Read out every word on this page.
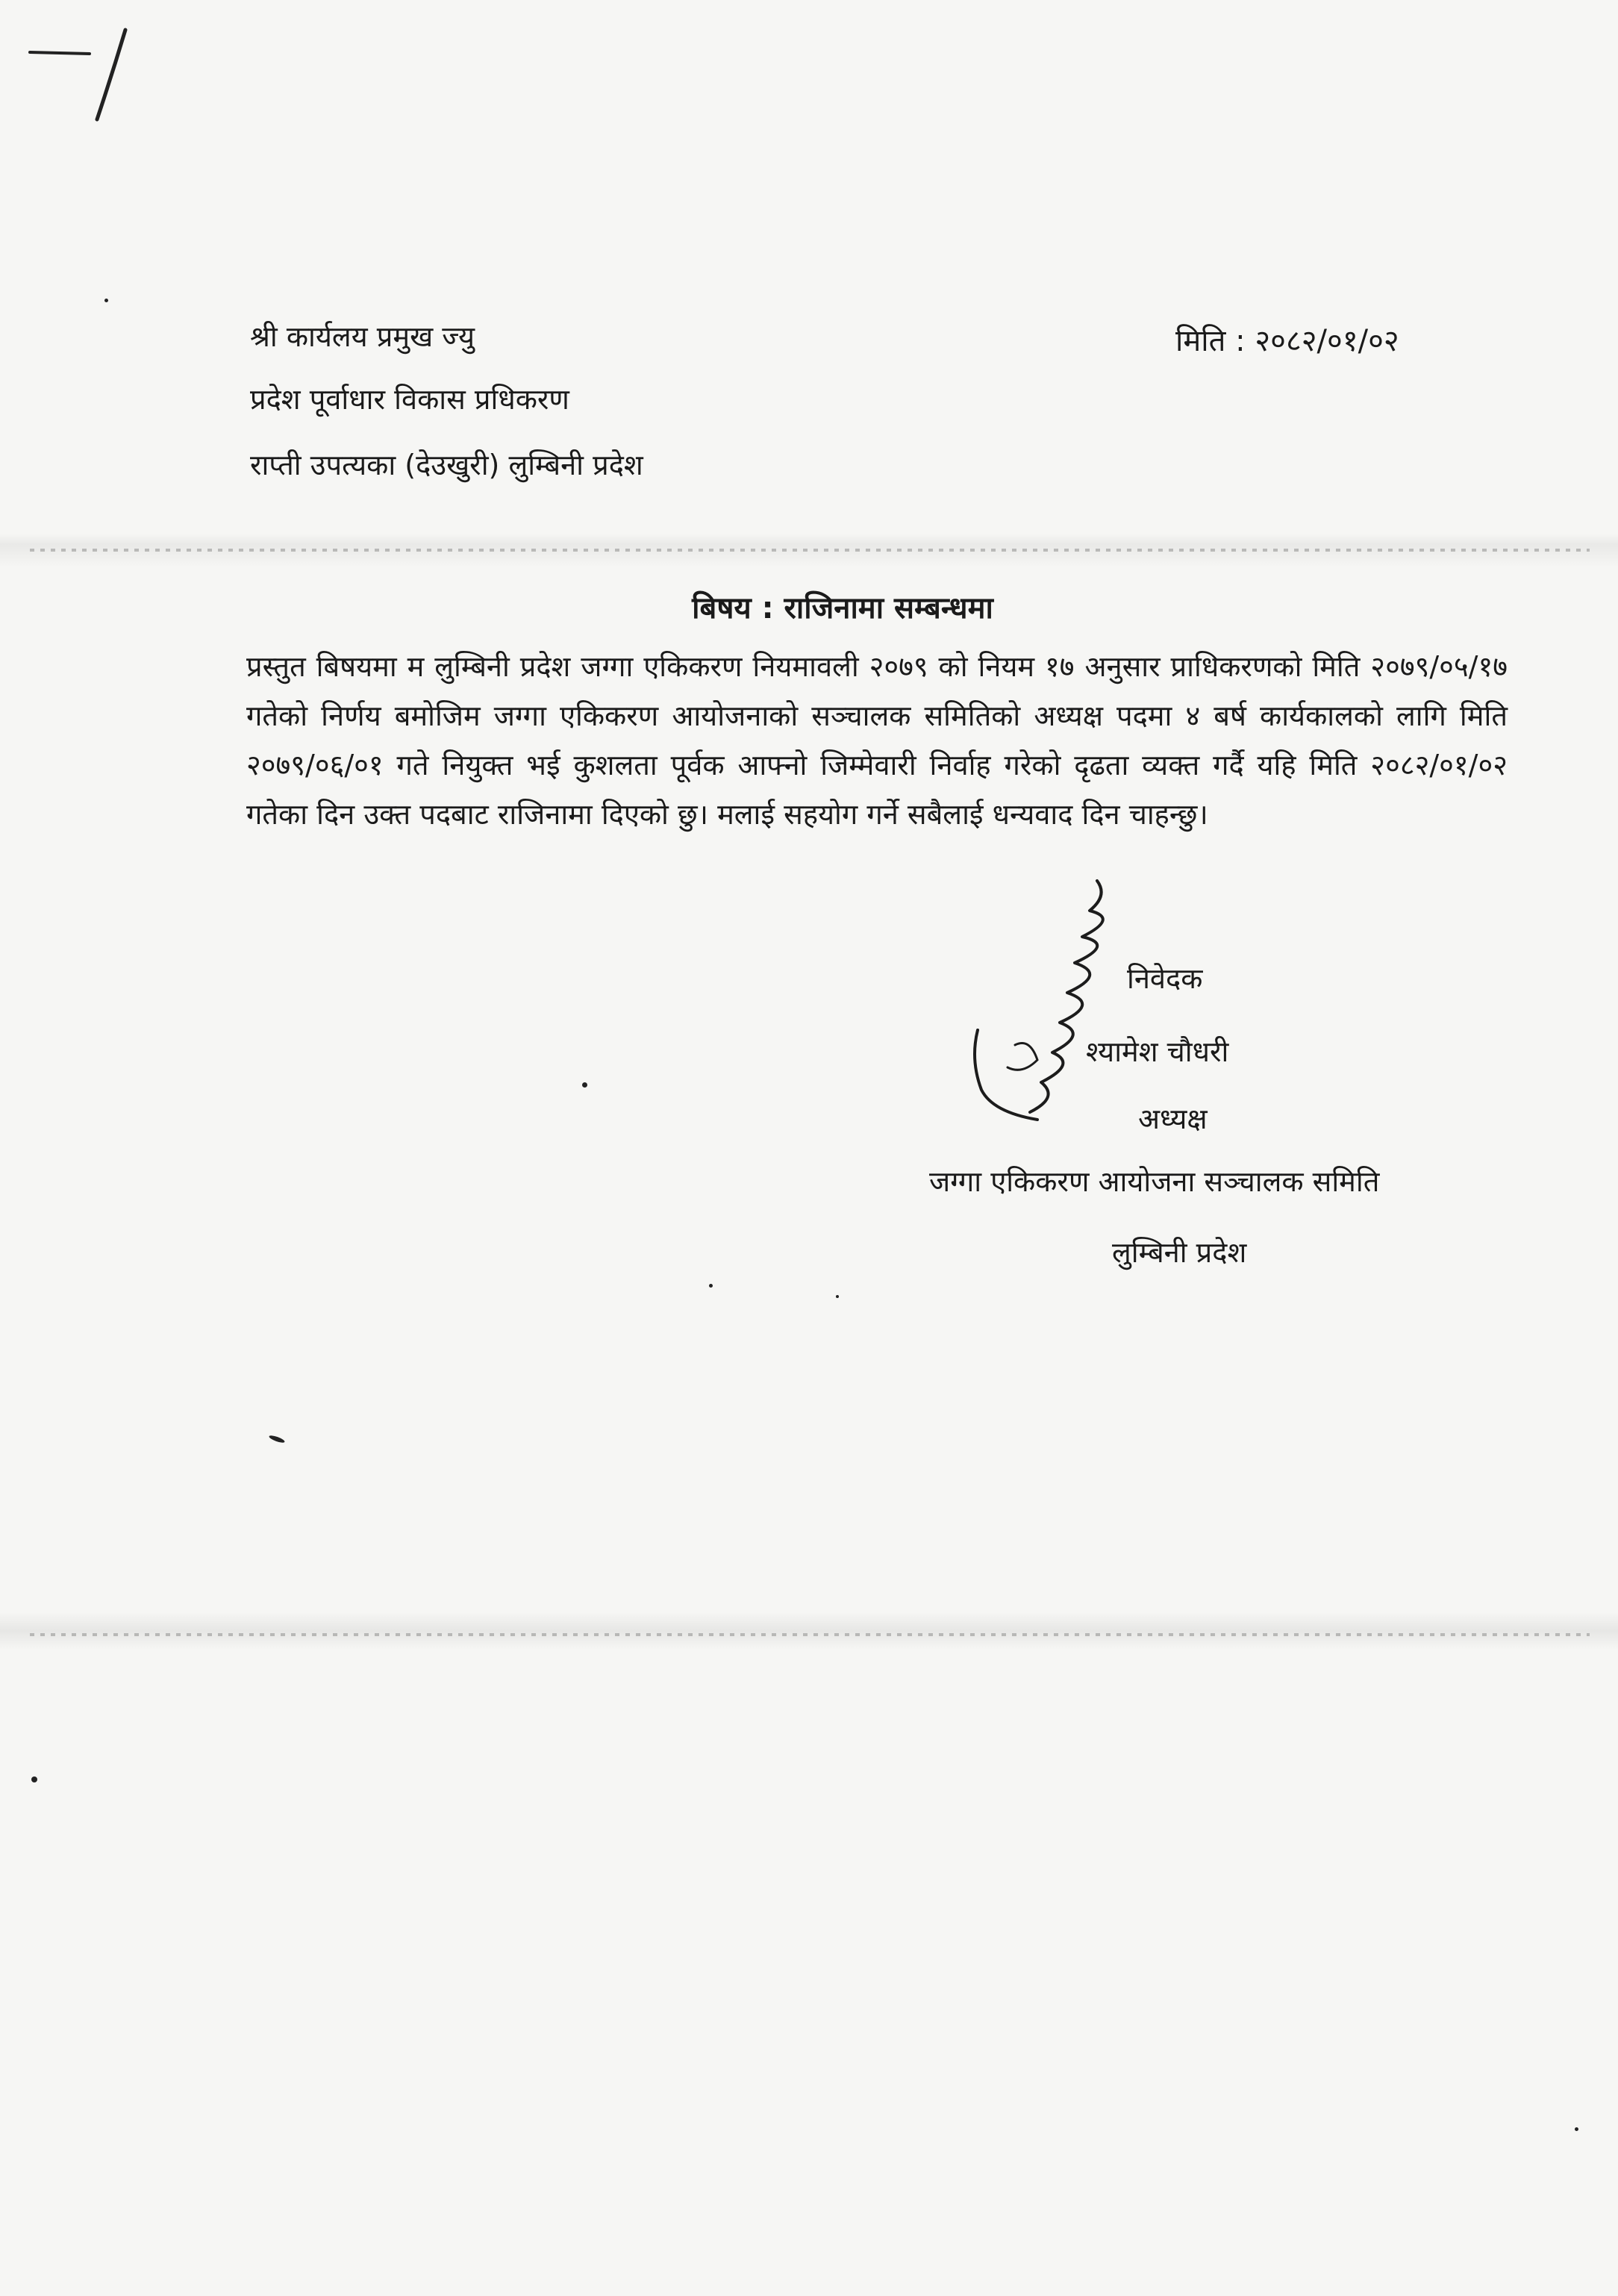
श्री कार्यलय प्रमुख ज्यु
प्रदेश पूर्वाधार विकास प्रधिकरण
राप्ती उपत्यका (देउखुरी) लुम्बिनी प्रदेश
मिति : २०८२/०१/०२
बिषय : राजिनामा सम्बन्धमा
प्रस्तुत बिषयमा म लुम्बिनी प्रदेश जग्गा एकिकरण नियमावली २०७९ को नियम १७ अनुसार प्राधिकरणको मिति २०७९/०५/१७ गतेको निर्णय बमोजिम जग्गा एकिकरण आयोजनाको सञ्चालक समितिको अध्यक्ष पदमा ४ बर्ष कार्यकालको लागि मिति २०७९/०६/०१ गते नियुक्त भई कुशलता पूर्वक आफ्नो जिम्मेवारी निर्वाह गरेको दृढता व्यक्त गर्दै यहि मिति २०८२/०१/०२ गतेका दिन उक्त पदबाट राजिनामा दिएको छु। मलाई सहयोग गर्ने सबैलाई धन्यवाद दिन चाहन्छु।
निवेदक
श्यामेश चौधरी
अध्यक्ष
जग्गा एकिकरण आयोजना सञ्चालक समिति
लुम्बिनी प्रदेश
